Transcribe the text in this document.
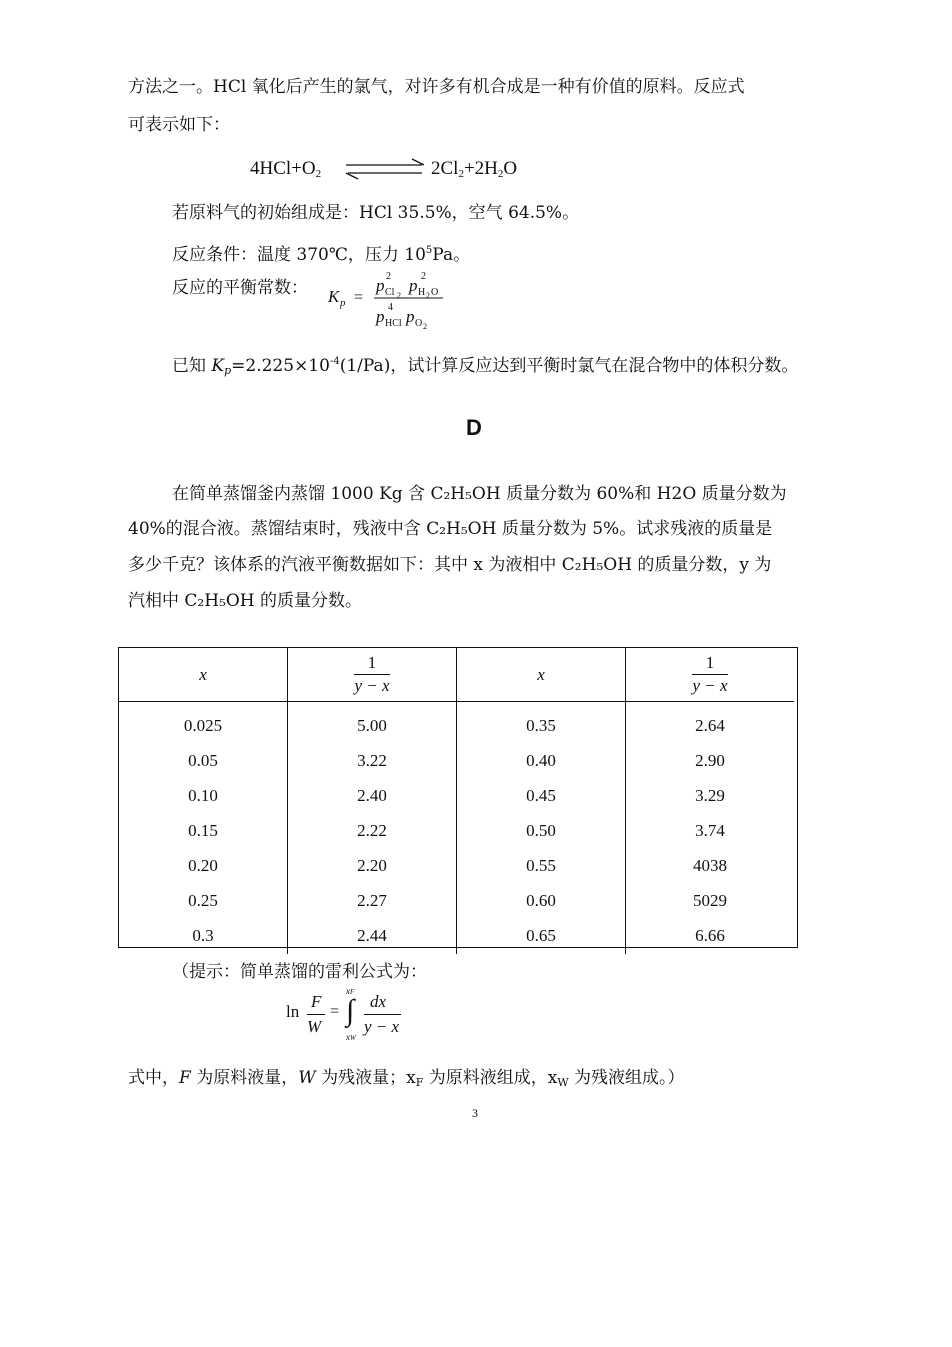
方法之一。HCl 氧化后产生的氯气，对许多有机合成是一种有价值的原料。反应式
可表示如下：
$4HCl+O_2$	$2Cl_2+2H_2O$
若原料气的初始组成是：HCl 35.5%，空气 64.5%。
反应条件：温度 370℃，压力 $10^5Pa$。
反应的平衡常数： K p =
2	2
p Cl 2
p H 2 O
4
p HCl p O 2
已知 $K_p=2.225\times 10^{-4}(1/Pa)$，试计算反应达到平衡时氯气在混合物中的体积分数。
D
在简单蒸馏釜内蒸馏 1000 Kg 含 C₂H₅OH 质量分数为 60%和 H2O 质量分数为
40%的混合液。蒸馏结束时，残液中含 C₂H₅OH 质量分数为 5%。试求残液的质量是
多少千克？该体系的汽液平衡数据如下：其中 x 为液相中 C₂H₅OH 的质量分数，y 为
汽相中 C₂H₅OH 的质量分数。
x	$\frac{1}{y - x}$	x	$\frac{1}{y - x}$

0.025	5.00	0.35	2.64
0.05	3.22	0.40	2.90
0.10	2.40	0.45	3.29
0.15	2.22	0.50	3.74
0.20	2.20	0.55	4038
0.25	2.27	0.60	5029
0.3	2.44	0.65	6.66
（提示：简单蒸馏的雷利公式为：
ln
F
W
=
xF
∫
xW
dx
y − x
式中，F 为原料液量，W 为残液量；$x_F$ 为原料液组成，$x_W$ 为残液组成。）
3
